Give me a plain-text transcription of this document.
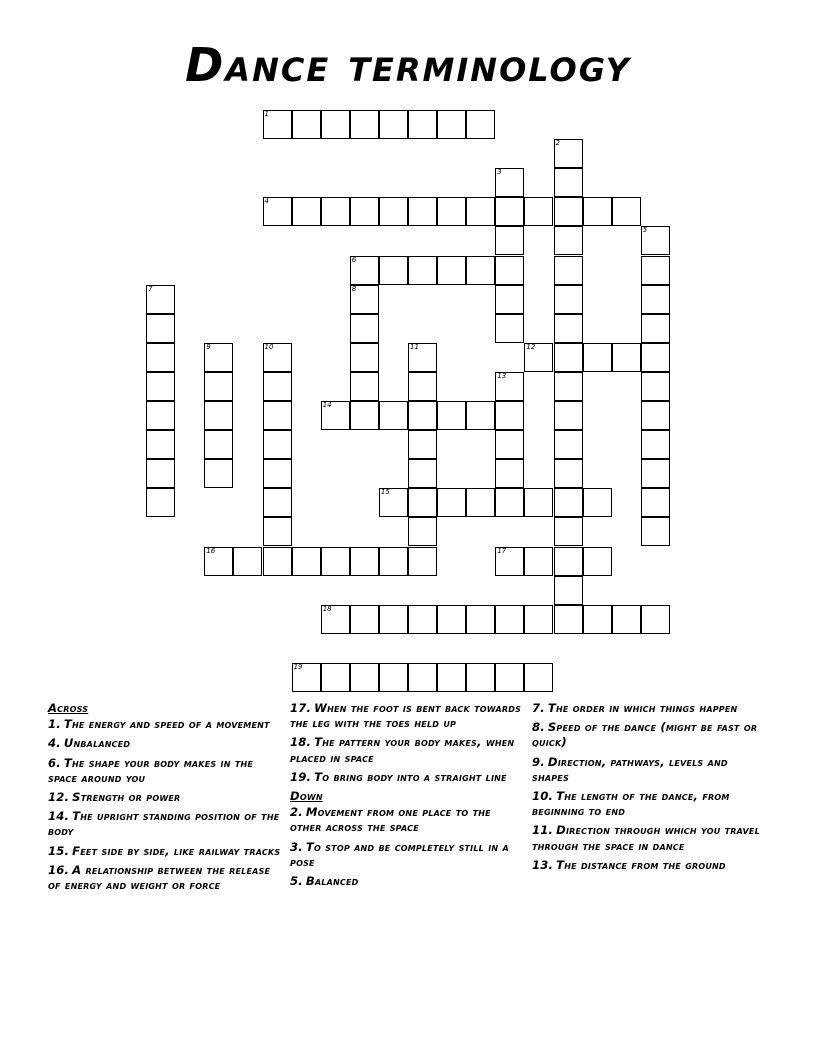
Dance terminology
1
2
3
4
5
6
7	8
9	10	11	12
13
14
15
16	17
18
19
Across
1. The energy and speed of a movement
4. Unbalanced
6. The shape your body makes in the space around you
12. Strength or power
14. The upright standing position of the body
15. Feet side by side, like railway tracks
16. A relationship between the release of energy and weight or force
17. When the foot is bent back towards the leg with the toes held up
18. The pattern your body makes, when placed in space
19. To bring body into a straight line
Down
2. Movement from one place to the other across the space
3. To stop and be completely still in a pose
5. Balanced
7. The order in which things happen
8. Speed of the dance (might be fast or quick)
9. Direction, pathways, levels and shapes
10. The length of the dance, from beginning to end
11. Direction through which you travel through the space in dance
13. The distance from the ground
